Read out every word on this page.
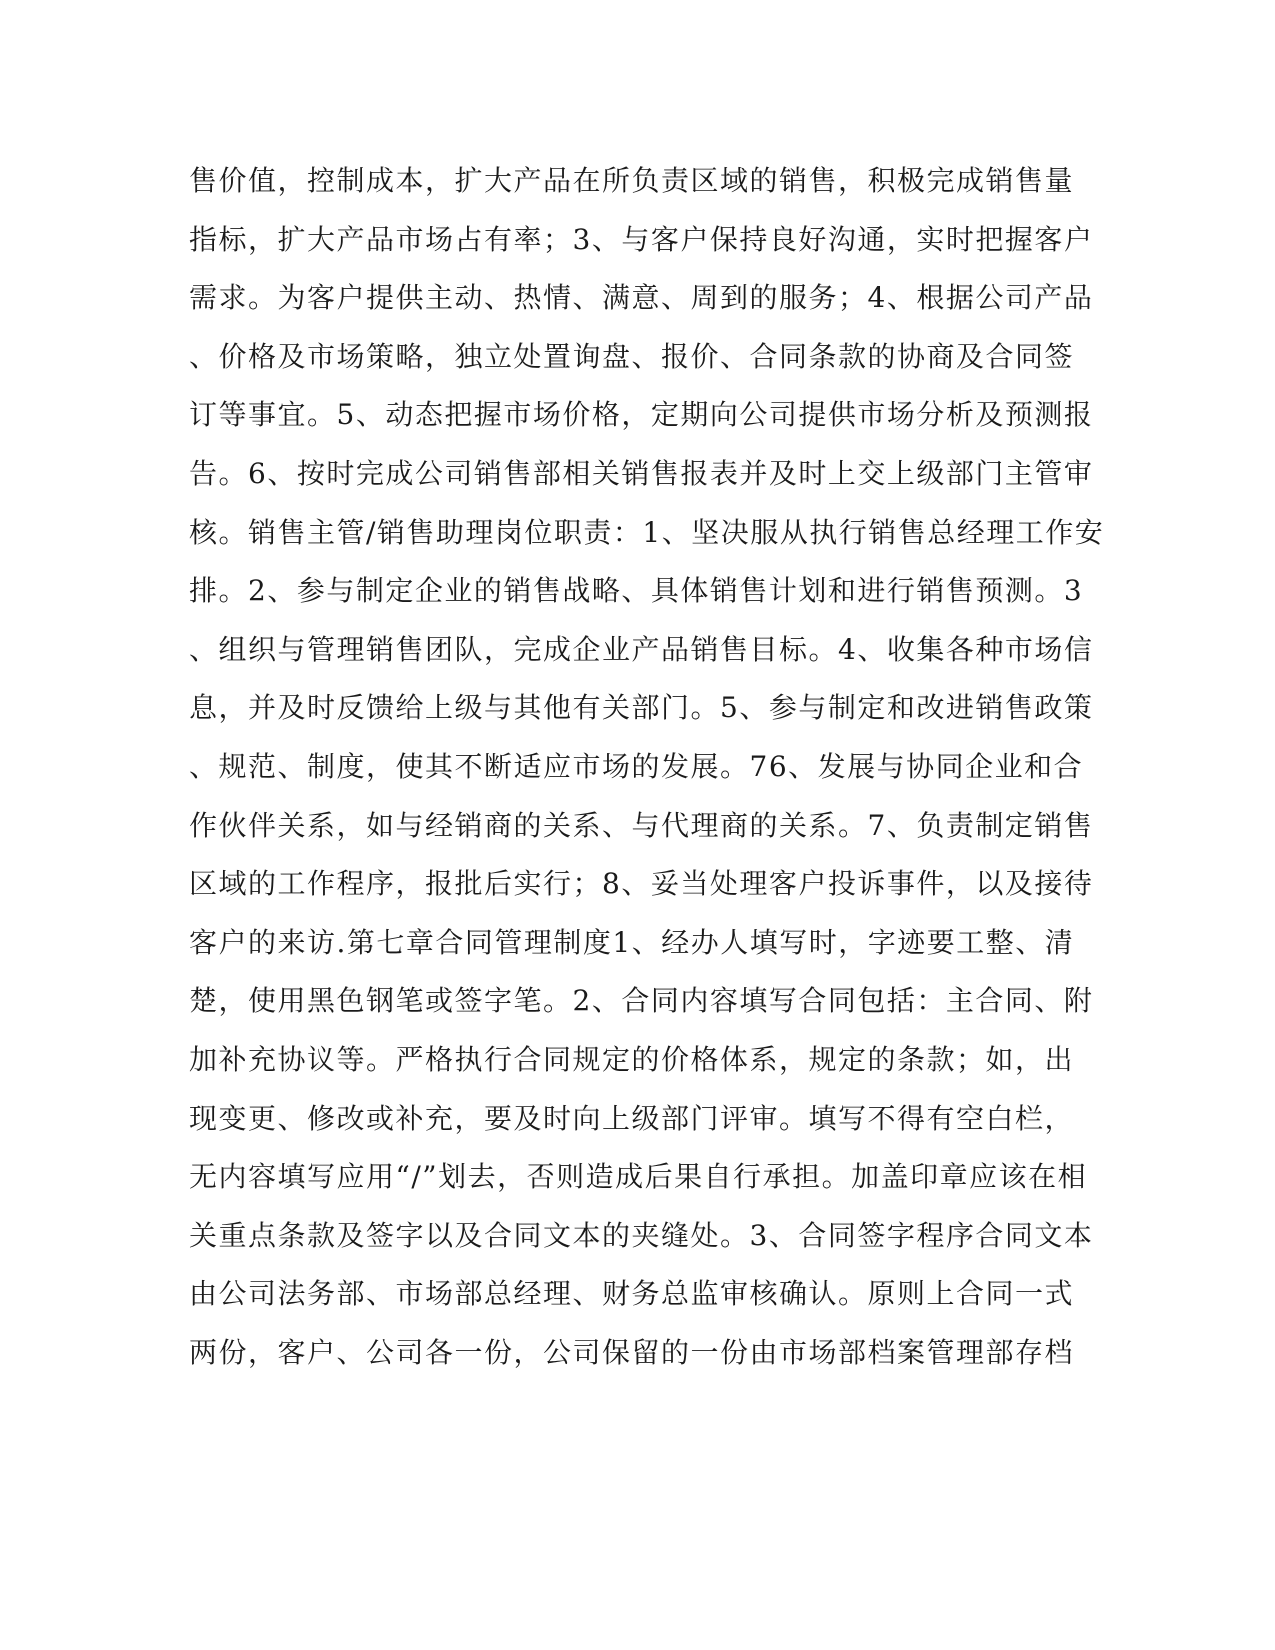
售价值，控制成本，扩大产品在所负责区域的销售，积极完成销售量
指标，扩大产品市场占有率；3、与客户保持良好沟通，实时把握客户
需求。为客户提供主动、热情、满意、周到的服务；4、根据公司产品
、价格及市场策略，独立处置询盘、报价、合同条款的协商及合同签
订等事宜。5、动态把握市场价格，定期向公司提供市场分析及预测报
告。6、按时完成公司销售部相关销售报表并及时上交上级部门主管审
核。销售主管/销售助理岗位职责：1、坚决服从执行销售总经理工作安
排。2、参与制定企业的销售战略、具体销售计划和进行销售预测。3
、组织与管理销售团队，完成企业产品销售目标。4、收集各种市场信
息，并及时反馈给上级与其他有关部门。5、参与制定和改进销售政策
、规范、制度，使其不断适应市场的发展。76、发展与协同企业和合
作伙伴关系，如与经销商的关系、与代理商的关系。7、负责制定销售
区域的工作程序，报批后实行；8、妥当处理客户投诉事件，以及接待
客户的来访.第七章合同管理制度1、经办人填写时，字迹要工整、清
楚，使用黑色钢笔或签字笔。2、合同内容填写合同包括：主合同、附
加补充协议等。严格执行合同规定的价格体系，规定的条款；如，出
现变更、修改或补充，要及时向上级部门评审。填写不得有空白栏，
无内容填写应用“/”划去，否则造成后果自行承担。加盖印章应该在相
关重点条款及签字以及合同文本的夹缝处。3、合同签字程序合同文本
由公司法务部、市场部总经理、财务总监审核确认。原则上合同一式
两份，客户、公司各一份，公司保留的一份由市场部档案管理部存档
